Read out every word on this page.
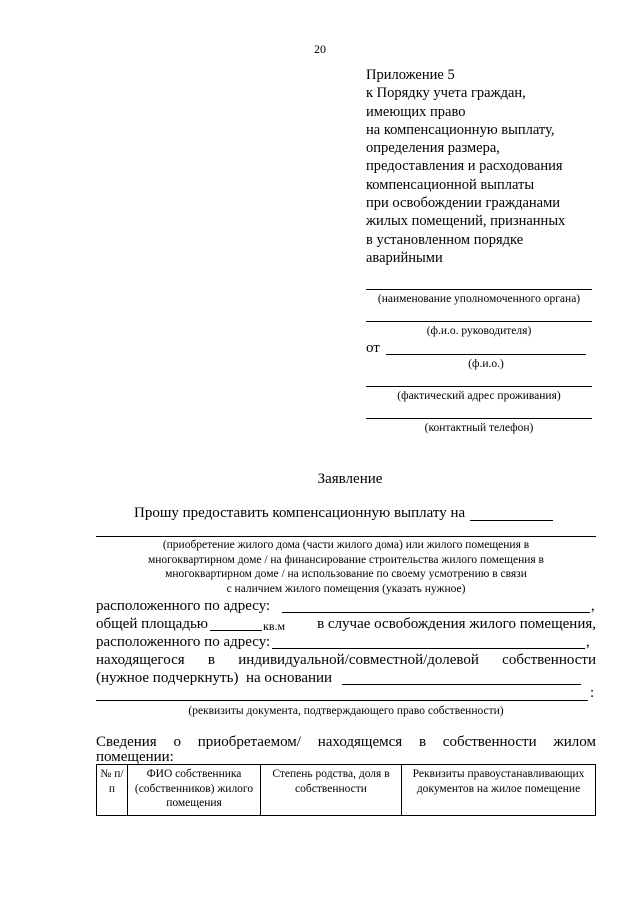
20
Приложение 5
к Порядку учета граждан,
имеющих право
на компенсационную выплату,
определения размера,
предоставления и расходования
компенсационной выплаты
при освобождении гражданами
жилых помещений, признанных
в установленном порядке
аварийными
(наименование уполномоченного органа)
(ф.и.о. руководителя)
от
(ф.и.о.)
(фактический адрес проживания)
(контактный телефон)
Заявление
Прошу предоставить компенсационную выплату на
(приобретение жилого дома (части жилого дома) или жилого помещения в
многоквартирном доме / на финансирование строительства жилого помещения в
многоквартирном доме / на использование по своему усмотрению в связи
с наличием жилого помещения (указать нужное)
расположенного по адресу:	,
общей площадью	кв.м	в случае освобождения жилого помещения,
расположенного по адресу:	,
находящегося в индивидуальной/совместной/долевой собственности
(нужное подчеркнуть) на основании
:
(реквизиты документа, подтверждающего право собственности)
Сведения о приобретаемом/ находящемся в собственности жилом
помещении:
№ п/п	ФИО собственника (собственников) жилого помещения	Степень родства, доля в собственности	Реквизиты правоустанавливающих документов на жилое помещение
